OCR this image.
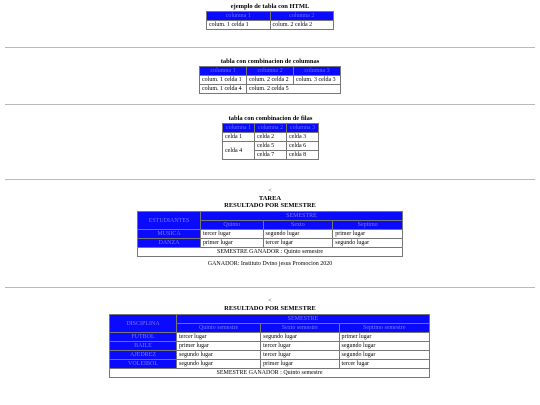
ejemplo de tabla con HTML
columna 1	columna 2
colum. 1 celda 1	colum. 2 celda 2
tabla con combinacion de columnas
columna 1	columna 2	columna 3
colum. 1 celda 1	colum. 2 celda 2	colum. 3 celda 3
colum. 1 celda 4	colum. 2 celda 5	
tabla con combinacion de filas
columna 1	columna 2	columna 3
celda 1	celda 2	celda 3
celda 4	celda 5	celda 6
	celda 7	celda 8
<
TAREA
RESULTADO POR SEMESTRE
ESTUDIANTES	SEMESTRE		
	Quinto	Sexto	Septimo
MUSICA	tercer lugar	segundo lugar	primer lugar
DANZA	primer lugar	tercer lugar	segundo lugar
SEMESTRE GANADOR : Quinto semestre			
GANADOR: Instituto Dvino jesus Promocion 2020
<
RESULTADO POR SEMESTRE
DISCIPLINA	SEMESTRE		
	Quinto semestre	Sexto semestre	Septimo semestre
FUTBOL	tercer lugar	segundo lugar	primer lugar
BAILE	primer lugar	tercer lugar	segundo lugar
AJEDREZ	segundo lugar	tercer lugar	segundo lugar
VOLEIBOL	segundo lugar	primer lugar	tercer lugar
SEMESTRE GANADOR : Quinto semestre			
